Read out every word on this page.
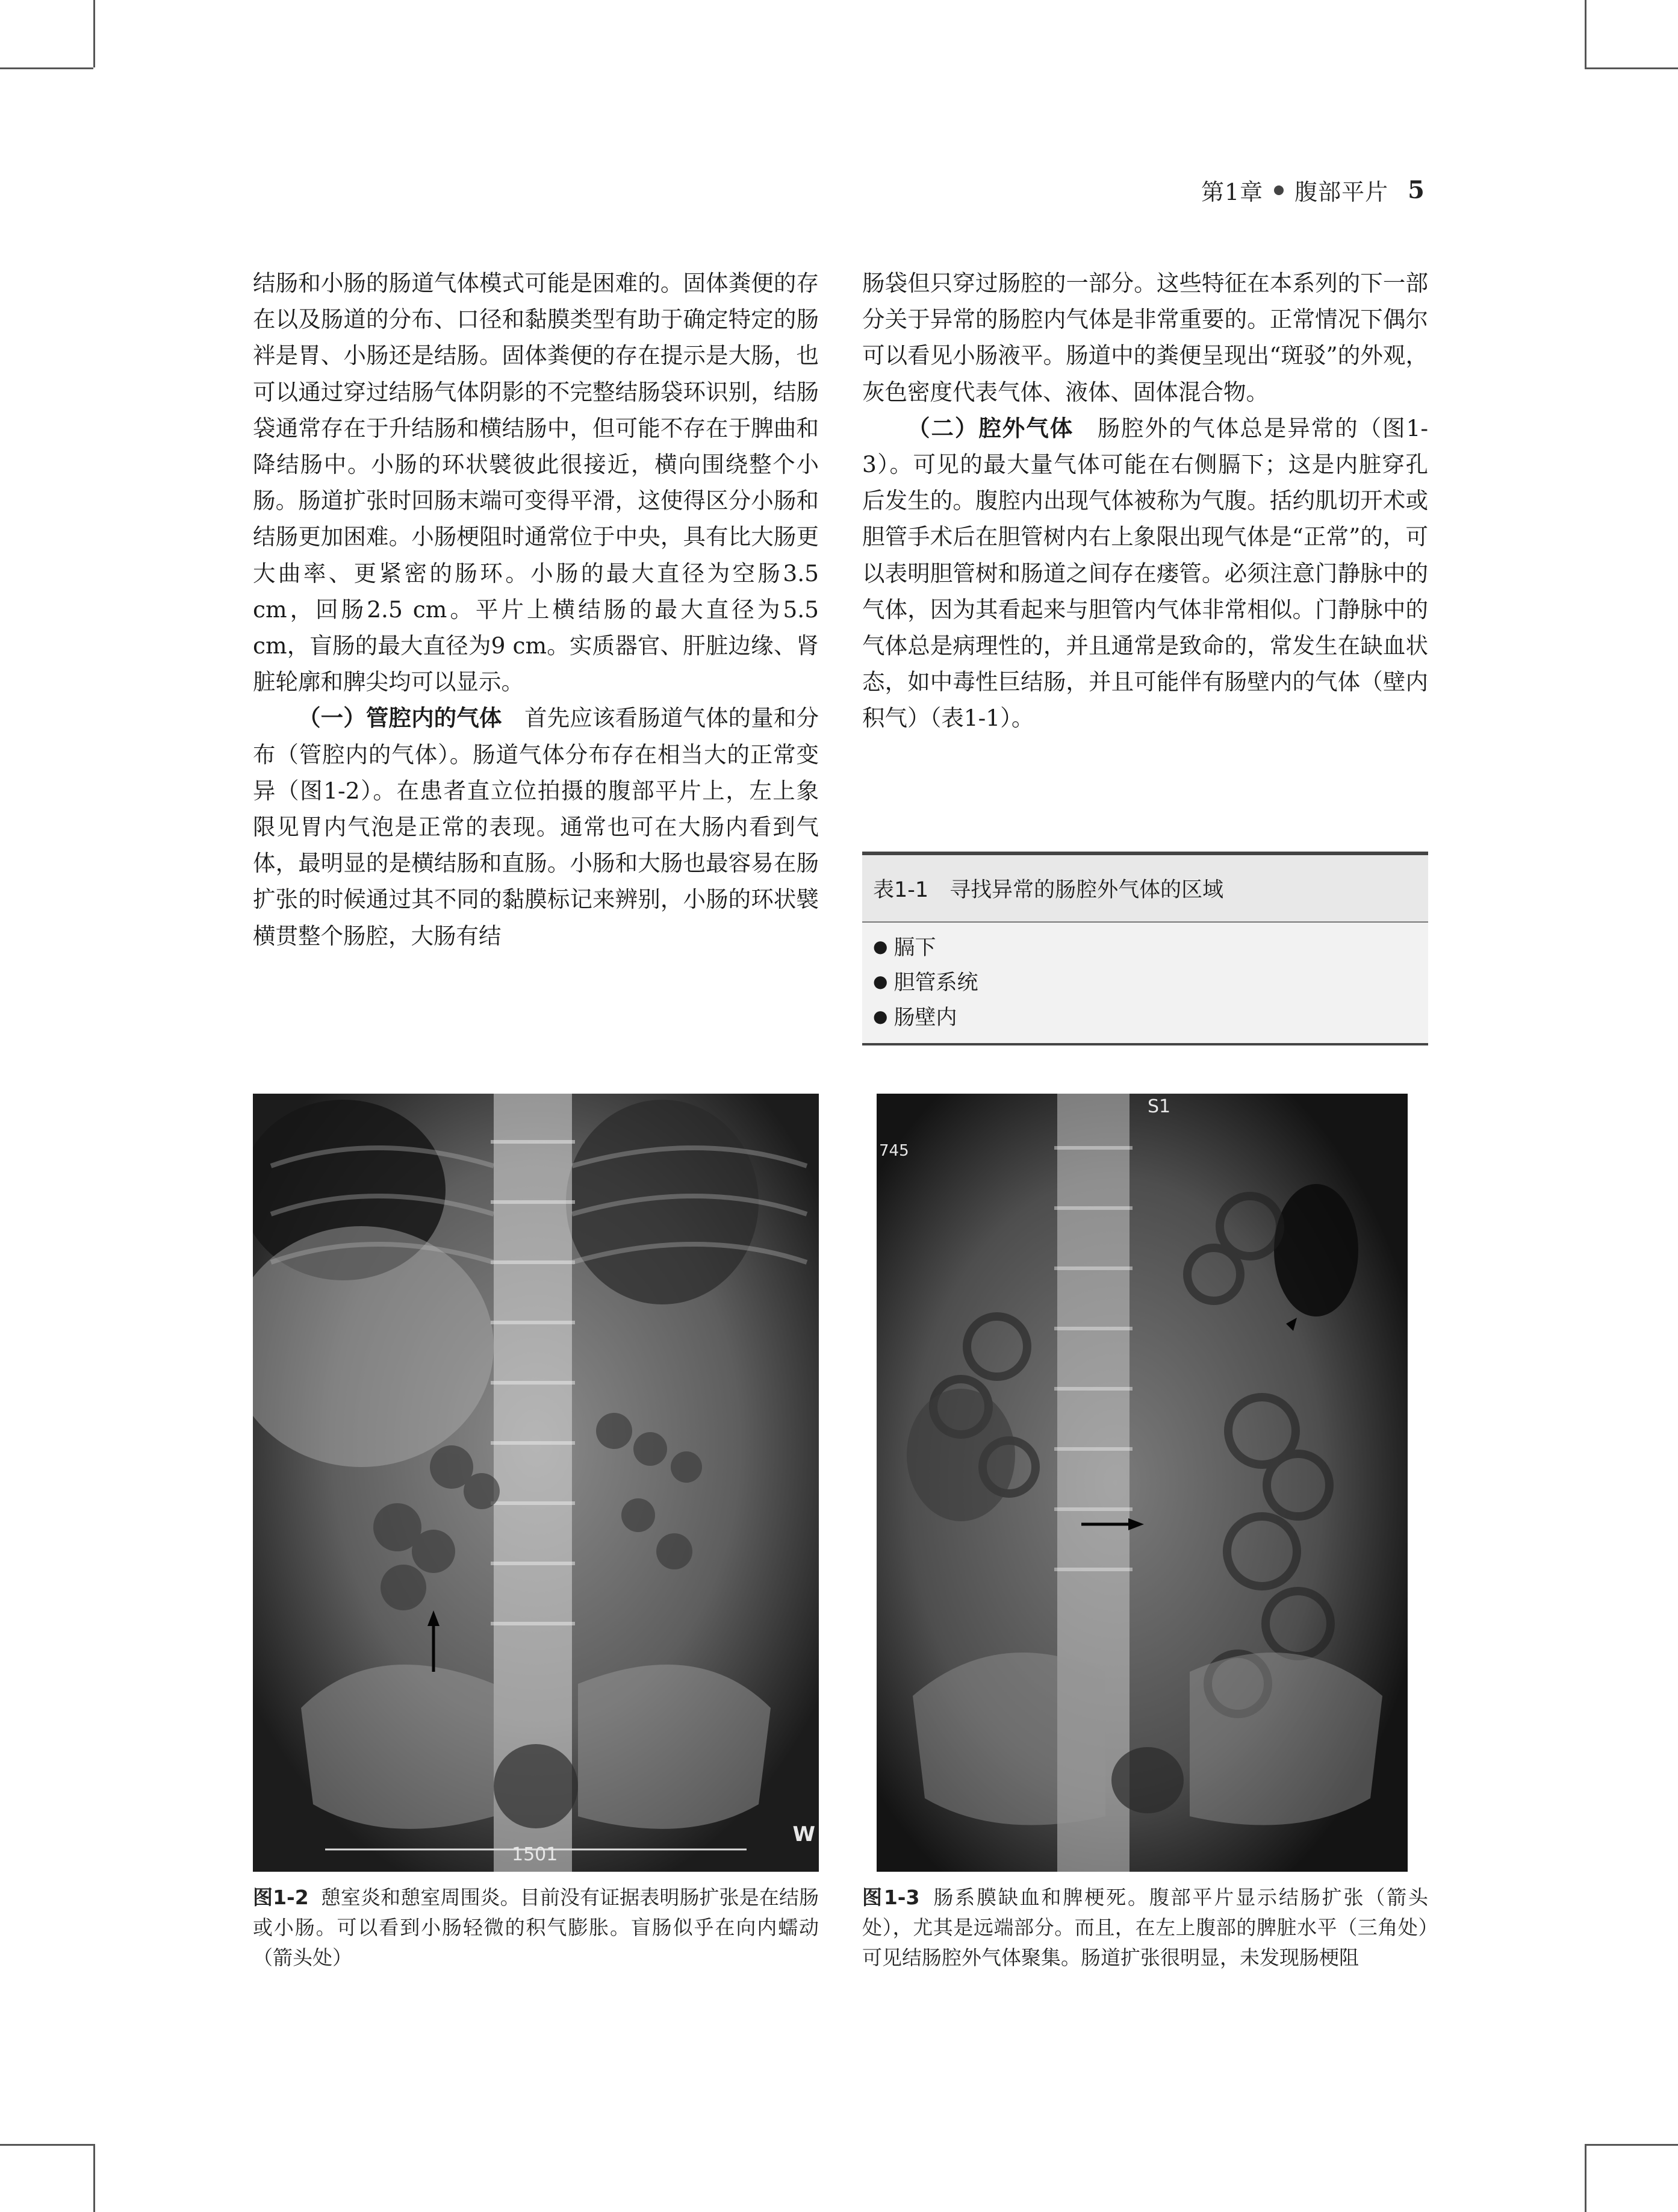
第1章 腹部平片 5

结肠和小肠的肠道气体模式可能是困难的。固体粪便的存在以及肠道的分布、口径和黏膜类型有助于确定特定的肠袢是胃、小肠还是结肠。固体粪便的存在提示是大肠，也可以通过穿过结肠气体阴影的不完整结肠袋环识别，结肠袋通常存在于升结肠和横结肠中，但可能不存在于脾曲和降结肠中。小肠的环状襞彼此很接近，横向围绕整个小肠。肠道扩张时回肠末端可变得平滑，这使得区分小肠和结肠更加困难。小肠梗阻时通常位于中央，具有比大肠更大曲率、更紧密的肠环。小肠的最大直径为空肠3.5 cm，回肠2.5 cm。平片上横结肠的最大直径为5.5 cm，盲肠的最大直径为9 cm。实质器官、肝脏边缘、肾脏轮廓和脾尖均可以显示。

（一）管腔内的气体　 首先应该看肠道气体的量和分布（管腔内的气体）。肠道气体分布存在相当大的正常变异（图1-2）。在患者直立位拍摄的腹部平片上，左上象限见胃内气泡是正常的表现。通常也可在大肠内看到气体，最明显的是横结肠和直肠。小肠和大肠也最容易在肠扩张的时候通过其不同的黏膜标记来辨别，小肠的环状襞横贯整个肠腔，大肠有结

肠袋但只穿过肠腔的一部分。这些特征在本系列的下一部分关于异常的肠腔内气体是非常重要的。正常情况下偶尔可以看见小肠液平。肠道中的粪便呈现出“斑驳”的外观，灰色密度代表气体、液体、固体混合物。

（二）腔外气体　 肠腔外的气体总是异常的（图1-3）。可见的最大量气体可能在右侧膈下；这是内脏穿孔后发生的。腹腔内出现气体被称为气腹。括约肌切开术或胆管手术后在胆管树内右上象限出现气体是“正常”的，可以表明胆管树和肠道之间存在瘘管。必须注意门静脉中的气体，因为其看起来与胆管内气体非常相似。门静脉中的气体总是病理性的，并且通常是致命的，常发生在缺血状态，如中毒性巨结肠，并且可能伴有肠壁内的气体（壁内积气）（表1-1）。

表1-1　寻找异常的肠腔外气体的区域
● 膈下
● 胆管系统
● 肠壁内
1501
W
S1
745
图1-2 憩室炎和憩室周围炎。目前没有证据表明肠扩张是在结肠或小肠。可以看到小肠轻微的积气膨胀。盲肠似乎在向内蠕动（箭头处）
图1-3 肠系膜缺血和脾梗死。腹部平片显示结肠扩张（箭头处），尤其是远端部分。而且，在左上腹部的脾脏水平（三角处）可见结肠腔外气体聚集。肠道扩张很明显，未发现肠梗阻
